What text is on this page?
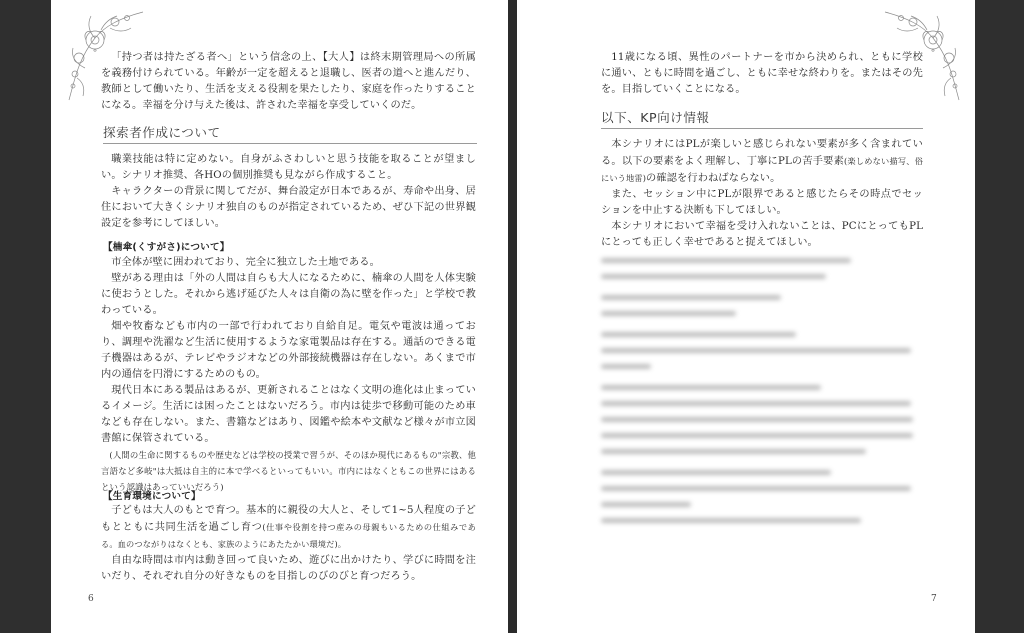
「持つ者は持たざる者へ」という信念の上、【大人】は終末期管理局への所属を義務付けられている。年齢が一定を超えると退職し、医者の道へと進んだり、教師として働いたり、生活を支える役割を果たしたり、家庭を作ったりすることになる。幸福を分け与えた後は、許された幸福を享受していくのだ。

探索者作成について

職業技能は特に定めない。自身がふさわしいと思う技能を取ることが望ましい。シナリオ推奨、各HOの個別推奨も見ながら作成すること。

キャラクターの背景に関してだが、舞台設定が日本であるが、寿命や出身、居住において大きくシナリオ独自のものが指定されているため、ぜひ下記の世界観設定を参考にしてほしい。

【楠傘(くすがさ)について】

市全体が壁に囲われており、完全に独立した土地である。

壁がある理由は「外の人間は自らも大人になるために、楠傘の人間を人体実験に使おうとした。それから逃げ延びた人々は自衛の為に壁を作った」と学校で教わっている。

畑や牧畜なども市内の一部で行われており自給自足。電気や電波は通っており、調理や洗濯など生活に使用するような家電製品は存在する。通話のできる電子機器はあるが、テレビやラジオなどの外部接続機器は存在しない。あくまで市内の通信を円滑にするためのもの。

現代日本にある製品はあるが、更新されることはなく文明の進化は止まっているイメージ。生活には困ったことはないだろう。市内は徒歩で移動可能のため車なども存在しない。また、書籍などはあり、図鑑や絵本や文献など様々が市立図書館に保管されている。

(人間の生命に関するものや歴史などは学校の授業で習うが、そのほか現代にあるもの"宗教、他言語など多岐"は大抵は自主的に本で学べるといってもいい。市内にはなくともこの世界にはあるという認識はあっていいだろう)

【生育環境について】

子どもは大人のもとで育つ。基本的に親役の大人と、そして1~5人程度の子どもとともに共同生活を過ごし育つ(仕事や役割を持つ産みの母親もいるための仕組みである。血のつながりはなくとも、家族のようにあたたかい環境だ)。

自由な時間は市内は動き回って良いため、遊びに出かけたり、学びに時間を注いだり、それぞれ自分の好きなものを目指しのびのびと育つだろう。

6

11歳になる頃、異性のパートナーを市から決められ、ともに学校に通い、ともに時間を過ごし、ともに幸せな終わりを。またはその先を。目指していくことになる。

以下、KP向け情報

本シナリオにはPLが楽しいと感じられない要素が多く含まれている。以下の要素をよく理解し、丁寧にPLの苦手要素(楽しめない描写、俗にいう地雷)の確認を行わねばならない。

また、セッション中にPLが限界であると感じたらその時点でセッションを中止する決断も下してほしい。

本シナリオにおいて幸福を受け入れないことは、PCにとってもPLにとっても正しく幸せであると捉えてほしい。

7
